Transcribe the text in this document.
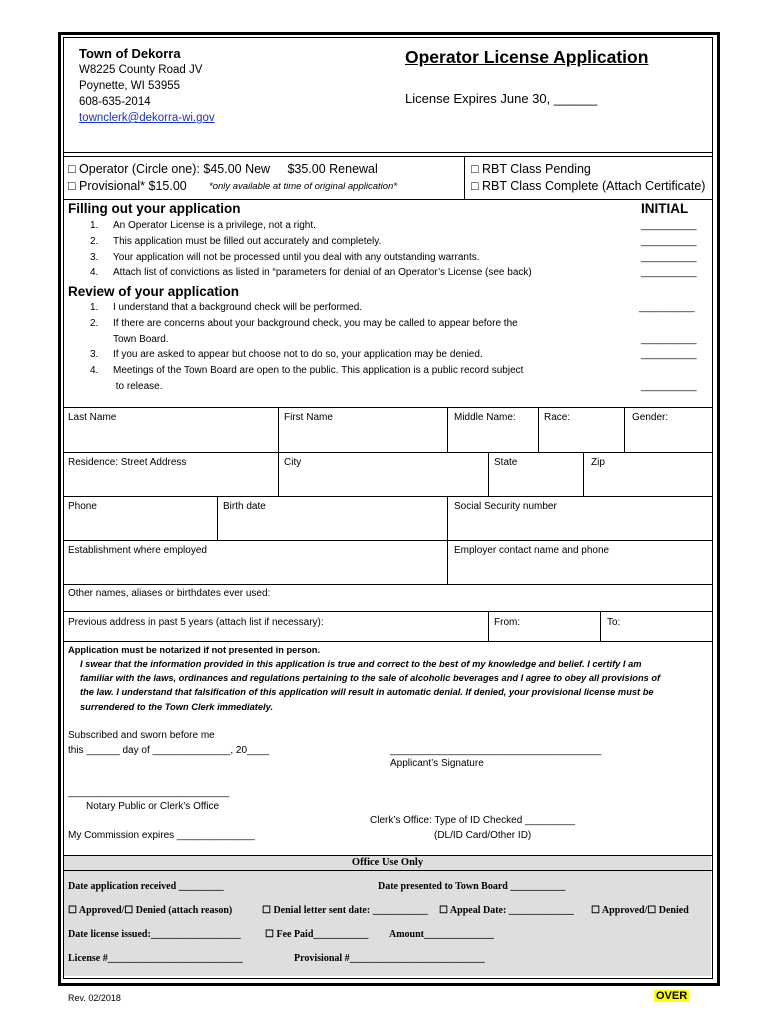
Town of Dekorra
W8225 County Road JV
Poynette, WI 53955
608-635-2014
townclerk@dekorra-wi.gov
Operator License Application
License Expires June 30, ______
□ Operator (Circle one): $45.00 New     $35.00 Renewal
□ Provisional* $15.00 *only available at time of original application*
□ RBT Class Pending
□ RBT Class Complete (Attach Certificate)
Filling out your application	INITIAL
1. An Operator License is a privilege, not a right.
2. This application must be filled out accurately and completely.
3. Your application will not be processed until you deal with any outstanding warrants.
4. Attach list of convictions as listed in “parameters for denial of an Operator’s License (see back)
__________
__________
__________
__________
Review of your application
1. I understand that a background check will be performed.
2. If there are concerns about your background check, you may be called to appear before the
Town Board.
3. If you are asked to appear but choose not to do so, your application may be denied.
4. Meetings of the Town Board are open to the public. This application is a public record subject
to release.
__________
__________
__________
__________
Last Name	First Name	Middle Name:	Race:	Gender:
Residence: Street Address	City	State	Zip
Phone	Birth date	Social Security number
Establishment where employed	Employer contact name and phone
Other names, aliases or birthdates ever used:
Previous address in past 5 years (attach list if necessary):	From:	To:
Application must be notarized if not presented in person.
I swear that the information provided in this application is true and correct to the best of my knowledge and belief. I certify I am
familiar with the laws, ordinances and regulations pertaining to the sale of alcoholic beverages and I agree to obey all provisions of
the law. I understand that falsification of this application will result in automatic denial. If denied, your provisional license must be
surrendered to the Town Clerk immediately.
Subscribed and sworn before me
this ______ day of ______________, 20____	______________________________________
Applicant’s Signature
_____________________________
Notary Public or Clerk’s Office
Clerk’s Office: Type of ID Checked _________
My Commission expires ______________	(DL/ID Card/Other ID)
Office Use Only
Date application received _________	Date presented to Town Board ___________
☐ Approved/☐ Denied (attach reason)	☐ Denial letter sent date: ___________ ☐ Appeal Date: _____________ ☐ Approved/☐ Denied
Date license issued:__________________ ☐ Fee Paid___________ Amount______________
License #___________________________	Provisional #___________________________
Rev. 02/2018	OVER
